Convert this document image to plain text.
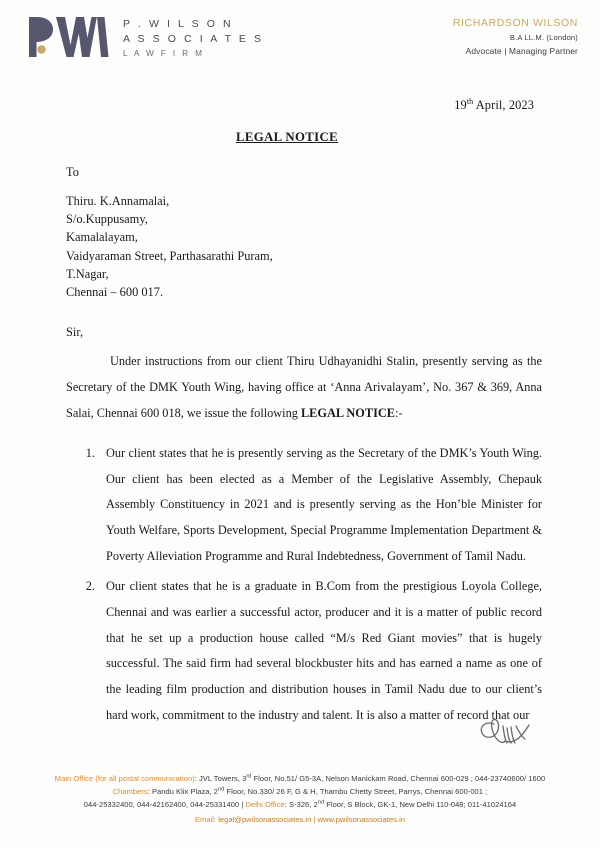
P . W I L S O N
A S S O C I A T E S
L A W F I R M
RICHARDSON WILSON
B.A LL.M. (London)
Advocate | Managing Partner
19th April, 2023
LEGAL NOTICE
To
Thiru. K.Annamalai,
S/o.Kuppusamy,
Kamalalayam,
Vaidyaraman Street, Parthasarathi Puram,
T.Nagar,
Chennai – 600 017.
Sir,

Under instructions from our client Thiru Udhayanidhi Stalin, presently serving as the Secretary of the DMK Youth Wing, having office at ‘Anna Arivalayam’, No. 367 & 369, Anna Salai, Chennai 600 018, we issue the following LEGAL NOTICE:-

1. Our client states that he is presently serving as the Secretary of the DMK’s Youth Wing. Our client has been elected as a Member of the Legislative Assembly, Chepauk Assembly Constituency in 2021 and is presently serving as the Hon’ble Minister for Youth Welfare, Sports Development, Special Programme Implementation Department & Poverty Alleviation Programme and Rural Indebtedness, Government of Tamil Nadu.
2. Our client states that he is a graduate in B.Com from the prestigious Loyola College, Chennai and was earlier a successful actor, producer and it is a matter of public record that he set up a production house called “M/s Red Giant movies” that is hugely successful. The said firm had several blockbuster hits and has earned a name as one of the leading film production and distribution houses in Tamil Nadu due to our client’s hard work, commitment to the industry and talent. It is also a matter of record that our
Main Office (for all postal communication): JVL Towers, 3rd Floor, No.51/ G5-3A, Nelson Manickam Road, Chennai 600-029 ; 044-23740600/ 1600
Chambers: Pandu Klix Plaza, 2nd Floor, No.330/ 26 F, G & H, Thambu Chetty Street, Parrys, Chennai 600-001 ;
044-25332400, 044-42162400, 044-25331400 | Delhi Office: S-326, 2nd Floor, S Block, GK-1, New Delhi 110-048; 011-41024164
Email: legal@pwilsonassociates.in | www.pwilsonassociates.in
